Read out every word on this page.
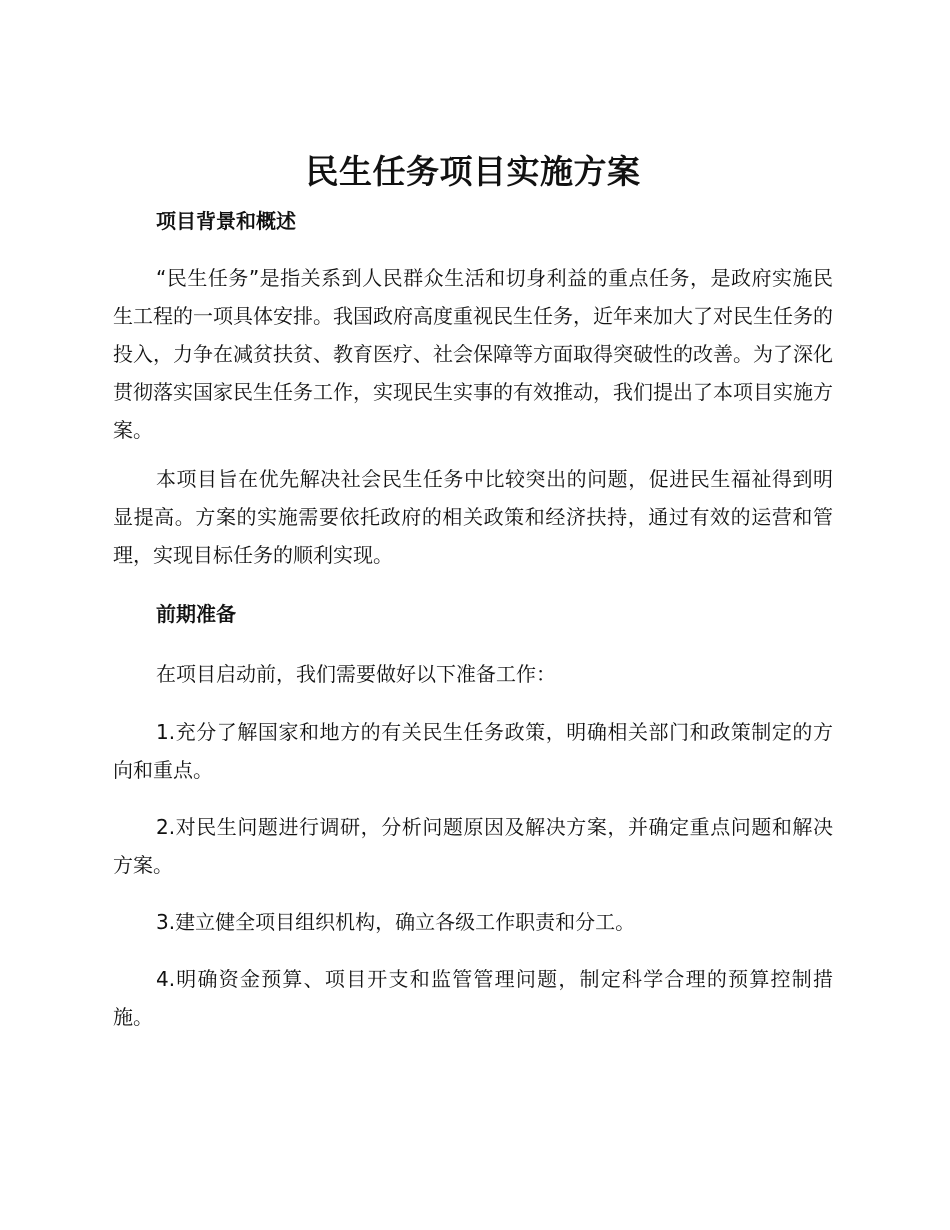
民生任务项目实施方案
项目背景和概述

“民生任务”是指关系到人民群众生活和切身利益的重点任务，是政府实施民生工程的一项具体安排。我国政府高度重视民生任务，近年来加大了对民生任务的投入，力争在减贫扶贫、教育医疗、社会保障等方面取得突破性的改善。为了深化贯彻落实国家民生任务工作，实现民生实事的有效推动，我们提出了本项目实施方案。

本项目旨在优先解决社会民生任务中比较突出的问题，促进民生福祉得到明显提高。方案的实施需要依托政府的相关政策和经济扶持，通过有效的运营和管理，实现目标任务的顺利实现。

前期准备

在项目启动前，我们需要做好以下准备工作：

1.充分了解国家和地方的有关民生任务政策，明确相关部门和政策制定的方向和重点。

2.对民生问题进行调研，分析问题原因及解决方案，并确定重点问题和解决 方案。

3.建立健全项目组织机构，确立各级工作职责和分工。

4.明确资金预算、项目开支和监管管理问题，制定科学合理的预算控制措施。
